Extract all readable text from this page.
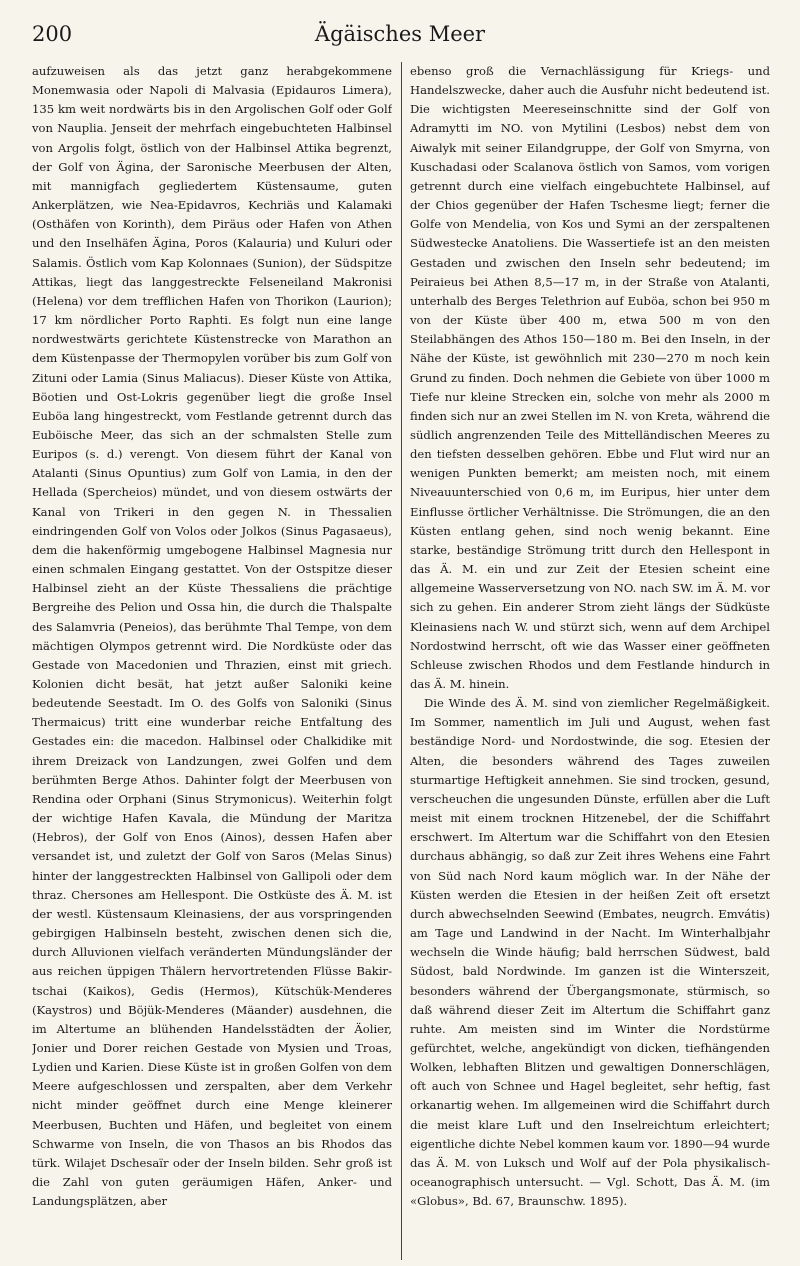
200	Ägäisches Meer

aufzuweisen als das jetzt ganz herabgekommene Monemwasia oder Napoli di Malvasia (Epidauros Limera), 135 km weit nordwärts bis in den Argolischen Golf oder Golf von Nauplia. Jenseit der mehrfach eingebuchteten Halbinsel von Argolis folgt, östlich von der Halbinsel Attika begrenzt, der Golf von Ägina, der Saronische Meerbusen der Alten, mit mannigfach gegliedertem Küstensaume, guten Ankerplätzen, wie Nea-Epidavros, Kechriäs und Kalamaki (Osthäfen von Korinth), dem Piräus oder Hafen von Athen und den Inselhäfen Ägina, Poros (Kalauria) und Kuluri oder Salamis. Östlich vom Kap Kolonnaes (Sunion), der Südspitze Attikas, liegt das langgestreckte Felseneiland Makronisi (Helena) vor dem trefflichen Hafen von Thorikon (Laurion); 17 km nördlicher Porto Raphti. Es folgt nun eine lange nordwestwärts gerichtete Küstenstrecke von Marathon an dem Küstenpasse der Thermopylen vorüber bis zum Golf von Zituni oder Lamia (Sinus Maliacus). Dieser Küste von Attika, Böotien und Ost-Lokris gegenüber liegt die große Insel Euböa lang hingestreckt, vom Festlande getrennt durch das Euböische Meer, das sich an der schmalsten Stelle zum Euripos (s. d.) verengt. Von diesem führt der Kanal von Atalanti (Sinus Opuntius) zum Golf von Lamia, in den der Hellada (Spercheios) mündet, und von diesem ostwärts der Kanal von Trikeri in den gegen N. in Thessalien eindringenden Golf von Volos oder Jolkos (Sinus Pagasaeus), dem die hakenförmig umgebogene Halbinsel Magnesia nur einen schmalen Eingang gestattet. Von der Ostspitze dieser Halbinsel zieht an der Küste Thessaliens die prächtige Bergreihe des Pelion und Ossa hin, die durch die Thalspalte des Salamvria (Peneios), das berühmte Thal Tempe, von dem mächtigen Olympos getrennt wird. Die Nordküste oder das Gestade von Macedonien und Thrazien, einst mit griech. Kolonien dicht besät, hat jetzt außer Saloniki keine bedeutende Seestadt. Im O. des Golfs von Saloniki (Sinus Thermaicus) tritt eine wunderbar reiche Entfaltung des Gestades ein: die macedon. Halbinsel oder Chalkidike mit ihrem Dreizack von Landzungen, zwei Golfen und dem berühmten Berge Athos. Dahinter folgt der Meerbusen von Rendina oder Orphani (Sinus Strymonicus). Weiterhin folgt der wichtige Hafen Kavala, die Mündung der Maritza (Hebros), der Golf von Enos (Ainos), dessen Hafen aber versandet ist, und zuletzt der Golf von Saros (Melas Sinus) hinter der langgestreckten Halbinsel von Gallipoli oder dem thraz. Chersones am Hellespont. Die Ostküste des Ä. M. ist der westl. Küstensaum Kleinasiens, der aus vorspringenden gebirgigen Halbinseln besteht, zwischen denen sich die, durch Alluvionen vielfach veränderten Mündungsländer der aus reichen üppigen Thälern hervortretenden Flüsse Bakir-tschai (Kaikos), Gedis (Hermos), Kütschük-Menderes (Kaystros) und Böjük-Menderes (Mäander) ausdehnen, die im Altertume an blühenden Handelsstädten der Äolier, Jonier und Dorer reichen Gestade von Mysien und Troas, Lydien und Karien. Diese Küste ist in großen Golfen von dem Meere aufgeschlossen und zerspalten, aber dem Verkehr nicht minder geöffnet durch eine Menge kleinerer Meerbusen, Buchten und Häfen, und begleitet von einem Schwarme von Inseln, die von Thasos an bis Rhodos das türk. Wilajet Dschesaïr oder der Inseln bilden. Sehr groß ist die Zahl von guten geräumigen Häfen, Anker- und Landungsplätzen, aber

ebenso groß die Vernachlässigung für Kriegs- und Handelszwecke, daher auch die Ausfuhr nicht bedeutend ist. Die wichtigsten Meereseinschnitte sind der Golf von Adramytti im NO. von Mytilini (Lesbos) nebst dem von Aiwalyk mit seiner Eilandgruppe, der Golf von Smyrna, von Kuschadasi oder Scalanova östlich von Samos, vom vorigen getrennt durch eine vielfach eingebuchtete Halbinsel, auf der Chios gegenüber der Hafen Tschesme liegt; ferner die Golfe von Mendelia, von Kos und Symi an der zerspaltenen Südwestecke Anatoliens. Die Wassertiefe ist an den meisten Gestaden und zwischen den Inseln sehr bedeutend; im Peiraieus bei Athen 8,5—17 m, in der Straße von Atalanti, unterhalb des Berges Telethrion auf Euböa, schon bei 950 m von der Küste über 400 m, etwa 500 m von den Steilabhängen des Athos 150—180 m. Bei den Inseln, in der Nähe der Küste, ist gewöhnlich mit 230—270 m noch kein Grund zu finden. Doch nehmen die Gebiete von über 1000 m Tiefe nur kleine Strecken ein, solche von mehr als 2000 m finden sich nur an zwei Stellen im N. von Kreta, während die südlich angrenzenden Teile des Mittelländischen Meeres zu den tiefsten desselben gehören. Ebbe und Flut wird nur an wenigen Punkten bemerkt; am meisten noch, mit einem Niveauunterschied von 0,6 m, im Euripus, hier unter dem Einflusse örtlicher Verhältnisse. Die Strömungen, die an den Küsten entlang gehen, sind noch wenig bekannt. Eine starke, beständige Strömung tritt durch den Hellespont in das Ä. M. ein und zur Zeit der Etesien scheint eine allgemeine Wasserversetzung von NO. nach SW. im Ä. M. vor sich zu gehen. Ein anderer Strom zieht längs der Südküste Kleinasiens nach W. und stürzt sich, wenn auf dem Archipel Nordostwind herrscht, oft wie das Wasser einer geöffneten Schleuse zwischen Rhodos und dem Festlande hindurch in das Ä. M. hinein.

Die Winde des Ä. M. sind von ziemlicher Regelmäßigkeit. Im Sommer, namentlich im Juli und August, wehen fast beständige Nord- und Nordostwinde, die sog. Etesien der Alten, die besonders während des Tages zuweilen sturmartige Heftigkeit annehmen. Sie sind trocken, gesund, verscheuchen die ungesunden Dünste, erfüllen aber die Luft meist mit einem trocknen Hitzenebel, der die Schiffahrt erschwert. Im Altertum war die Schiffahrt von den Etesien durchaus abhängig, so daß zur Zeit ihres Wehens eine Fahrt von Süd nach Nord kaum möglich war. In der Nähe der Küsten werden die Etesien in der heißen Zeit oft ersetzt durch abwechselnden Seewind (Embates, neugrch. Emvátis) am Tage und Landwind in der Nacht. Im Winterhalbjahr wechseln die Winde häufig; bald herrschen Südwest, bald Südost, bald Nordwinde. Im ganzen ist die Winterszeit, besonders während der Übergangsmonate, stürmisch, so daß während dieser Zeit im Altertum die Schiffahrt ganz ruhte. Am meisten sind im Winter die Nordstürme gefürchtet, welche, angekündigt von dicken, tiefhängenden Wolken, lebhaften Blitzen und gewaltigen Donnerschlägen, oft auch von Schnee und Hagel begleitet, sehr heftig, fast orkanartig wehen. Im allgemeinen wird die Schiffahrt durch die meist klare Luft und den Inselreichtum erleichtert; eigentliche dichte Nebel kommen kaum vor. 1890—94 wurde das Ä. M. von Luksch und Wolf auf der Pola physikalisch-oceanographisch untersucht. — Vgl. Schott, Das Ä. M. (im «Globus», Bd. 67, Braunschw. 1895).
